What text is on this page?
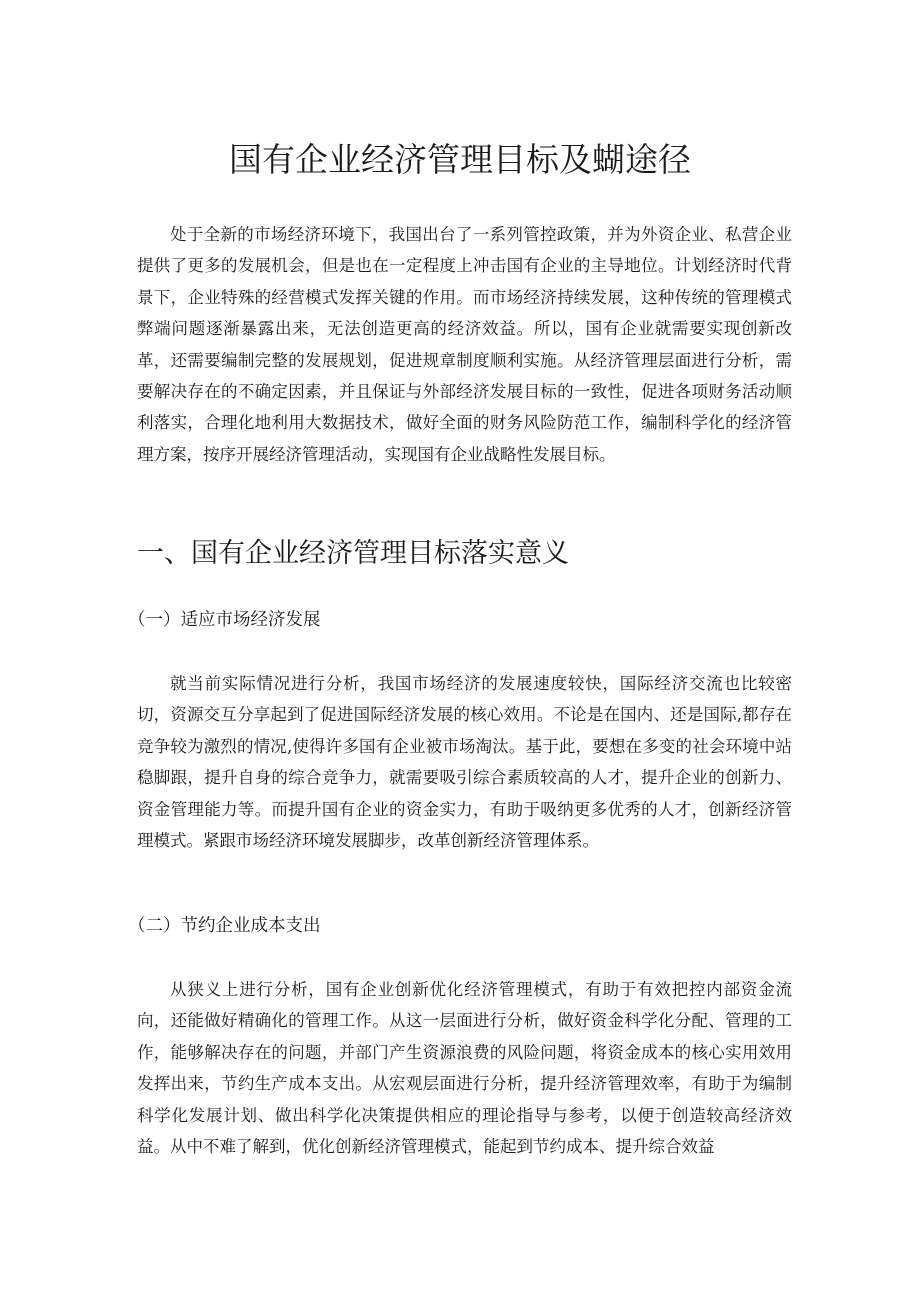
国有企业经济管理目标及蝴途径

处于全新的市场经济环境下，我国出台了一系列管控政策，并为外资企业、私营企业提供了更多的发展机会，但是也在一定程度上冲击国有企业的主导地位。计划经济时代背景下，企业特殊的经营模式发挥关键的作用。而市场经济持续发展，这种传统的管理模式弊端问题逐渐暴露出来，无法创造更高的经济效益。所以，国有企业就需要实现创新改革，还需要编制完整的发展规划，促进规章制度顺利实施。从经济管理层面进行分析，需要解决存在的不确定因素，并且保证与外部经济发展目标的一致性，促进各项财务活动顺利落实，合理化地利用大数据技术，做好全面的财务风险防范工作，编制科学化的经济管理方案，按序开展经济管理活动，实现国有企业战略性发展目标。

一、国有企业经济管理目标落实意义
（一）适应市场经济发展

就当前实际情况进行分析，我国市场经济的发展速度较快，国际经济交流也比较密切，资源交互分享起到了促进国际经济发展的核心效用。不论是在国内、还是国际,都存在竞争较为激烈的情况,使得许多国有企业被市场淘汰。基于此，要想在多变的社会环境中站稳脚跟，提升自身的综合竞争力，就需要吸引综合素质较高的人才，提升企业的创新力、资金管理能力等。而提升国有企业的资金实力，有助于吸纳更多优秀的人才，创新经济管理模式。紧跟市场经济环境发展脚步，改革创新经济管理体系。

（二）节约企业成本支出

从狭义上进行分析，国有企业创新优化经济管理模式，有助于有效把控内部资金流向，还能做好精确化的管理工作。从这一层面进行分析，做好资金科学化分配、管理的工作，能够解决存在的问题，并部门产生资源浪费的风险问题，将资金成本的核心实用效用发挥出来，节约生产成本支出。从宏观层面进行分析，提升经济管理效率，有助于为编制科学化发展计划、做出科学化决策提供相应的理论指导与参考，以便于创造较高经济效益。从中不难了解到，优化创新经济管理模式，能起到节约成本、提升综合效益
